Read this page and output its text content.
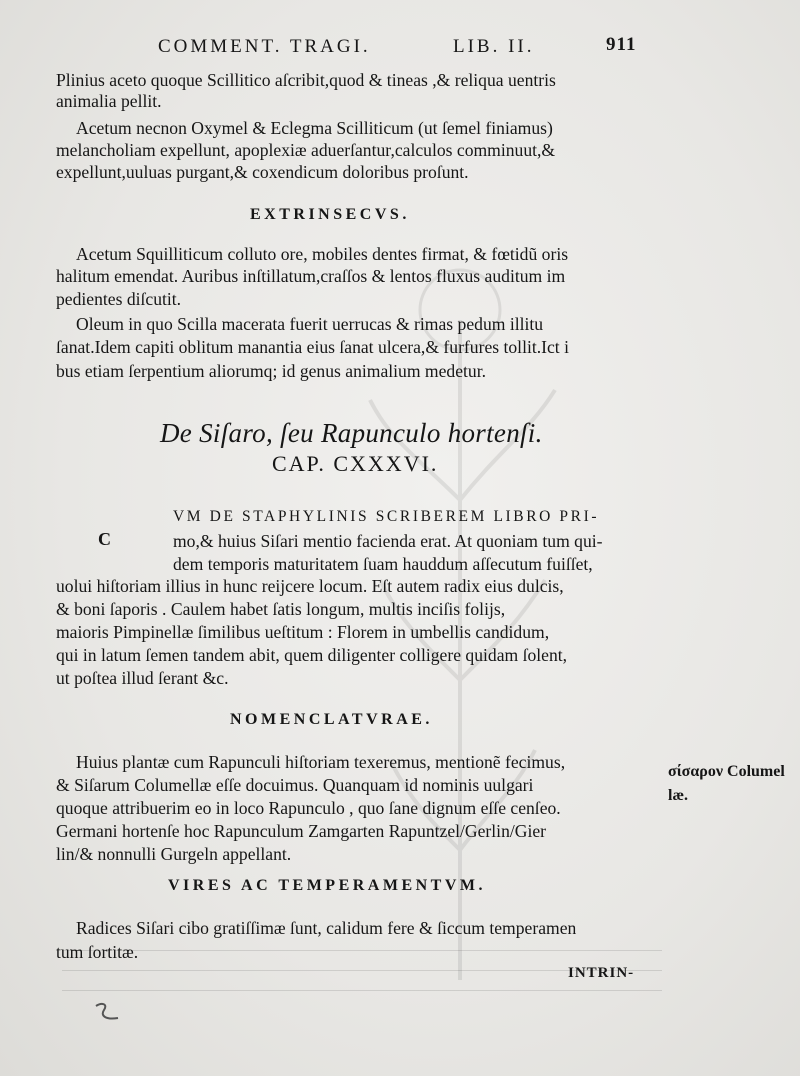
COMMENT. TRAGI.	LIB. II.	911
Plinius aceto quoque Scillitico aſcribit,quod & tineas ,& reliqua uentris
animalia pellit.
Acetum necnon Oxymel & Eclegma Scilliticum (ut ſemel finiamus)
melancholiam expellunt, apoplexiæ aduerſantur,calculos comminuut,&
expellunt,uuluas purgant,& coxendicum doloribus proſunt.
EXTRINSECVS.
Acetum Squilliticum colluto ore, mobiles dentes firmat, & fœtidũ oris
halitum emendat. Auribus inſtillatum,craſſos & lentos fluxus auditum im
pedientes diſcutit.
Oleum in quo Scilla macerata fuerit uerrucas & rimas pedum illitu
ſanat.Idem capiti oblitum manantia eius ſanat ulcera,& furfures tollit.Ict i
bus etiam ſerpentium aliorumq; id genus animalium medetur.
De Siſaro, ſeu Rapunculo hortenſi.
CAP. CXXXVI.
C
VM DE STAPHYLINIS SCRIBEREM LIBRO PRI-
mo,& huius Siſari mentio facienda erat. At quoniam tum qui-
dem temporis maturitatem ſuam hauddum aſſecutum fuiſſet,
uolui hiſtoriam illius in hunc reijcere locum. Eſt autem radix eius dulcis,
& boni ſaporis . Caulem habet ſatis longum, multis inciſis folijs,
maioris Pimpinellæ ſimilibus ueſtitum : Florem in umbellis candidum,
qui in latum ſemen tandem abit, quem diligenter colligere quidam ſolent,
ut poſtea illud ſerant &c.
NOMENCLATVRAE.
Huius plantæ cum Rapunculi hiſtoriam texeremus, mentionẽ fecimus,
& Siſarum Columellæ eſſe docuimus. Quanquam id nominis uulgari
quoque attribuerim eo in loco Rapunculo , quo ſane dignum eſſe cenſeo.
Germani hortenſe hoc Rapunculum Zamgarten Rapuntzel/Gerlin/Gier
lin/& nonnulli Gurgeln appellant.
σίσαρον Columel
læ.
VIRES AC TEMPERAMENTVM.
Radices Siſari cibo gratiſſimæ ſunt, calidum fere & ſiccum temperamen
tum ſortitæ.
INTRIN-
